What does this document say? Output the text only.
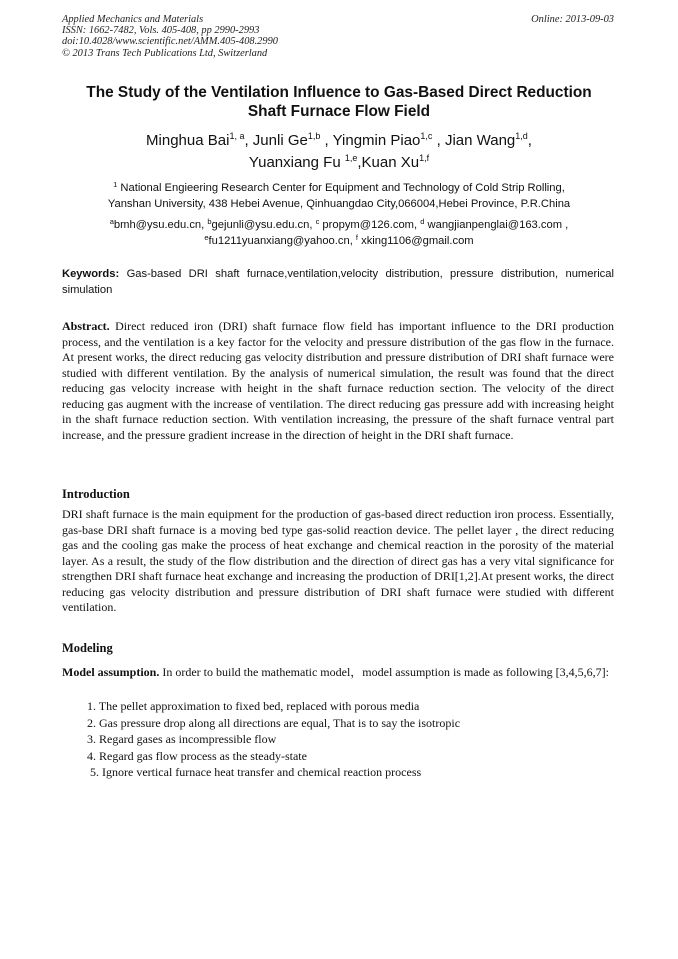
Applied Mechanics and Materials
ISSN: 1662-7482, Vols. 405-408, pp 2990-2993
doi:10.4028/www.scientific.net/AMM.405-408.2990
© 2013 Trans Tech Publications Ltd, Switzerland
Online: 2013-09-03
The Study of the Ventilation Influence to Gas-Based Direct Reduction
Shaft Furnace Flow Field
Minghua Bai$^{1, a}$, Junli Ge$^{1,b}$ , Yingmin Piao$^{1,c}$ , Jian Wang$^{1,d}$,
Yuanxiang Fu $^{1,e}$,Kuan Xu$^{1,f}$
$^1$ National Engieering Research Center for Equipment and Technology of Cold Strip Rolling,
Yanshan University, 438 Hebei Avenue, Qinhuangdao City,066004,Hebei Province, P.R.China
$^a$bmh@ysu.edu.cn, $^b$gejunli@ysu.edu.cn, $^c$ propym@126.com, $^d$ wangjianpenglai@163.com ,
$^e$fu1211yuanxiang@yahoo.cn, $^f$ xking1106@gmail.com
Keywords: Gas-based DRI shaft furnace,ventilation,velocity distribution, pressure distribution, numerical simulation

Abstract. Direct reduced iron (DRI) shaft furnace flow field has important influence to the DRI production process, and the ventilation is a key factor for the velocity and pressure distribution of the gas flow in the furnace. At present works, the direct reducing gas velocity distribution and pressure distribution of DRI shaft furnace were studied with different ventilation. By the analysis of numerical simulation, the result was found that the direct reducing gas velocity increase with height in the shaft furnace reduction section. The velocity of the direct reducing gas augment with the increase of ventilation. The direct reducing gas pressure add with increasing height in the shaft furnace reduction section. With ventilation increasing, the pressure of the shaft furnace ventral part increase, and the pressure gradient increase in the direction of height in the DRI shaft furnace.

Introduction

DRI shaft furnace is the main equipment for the production of gas-based direct reduction iron process. Essentially, gas-base DRI shaft furnace is a moving bed type gas-solid reaction device. The pellet layer , the direct reducing gas and the cooling gas make the process of heat exchange and chemical reaction in the porosity of the material layer. As a result, the study of the flow distribution and the direction of direct gas has a very vital significance for strengthen DRI shaft furnace heat exchange and increasing the production of DRI[1,2].At present works, the direct reducing gas velocity distribution and pressure distribution of DRI shaft furnace were studied with different ventilation.

Modeling

Model assumption. In order to build the mathematic model，model assumption is made as following [3,4,5,6,7]:

1. The pellet approximation to fixed bed, replaced with porous media
2. Gas pressure drop along all directions are equal, That is to say the isotropic
3. Regard gases as incompressible flow
4. Regard gas flow process as the steady-state
5. Ignore vertical furnace heat transfer and chemical reaction process
